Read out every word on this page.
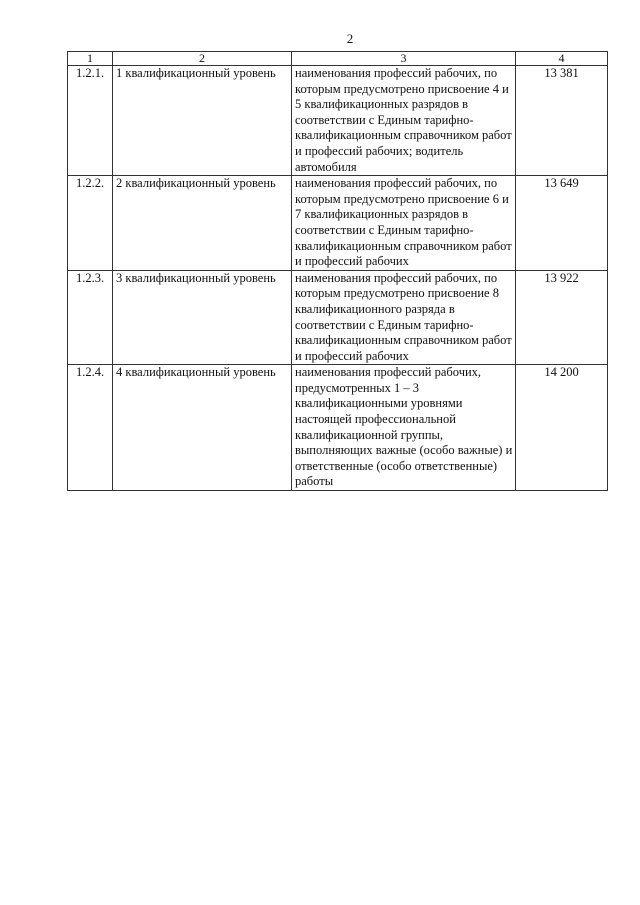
2
1	2	3	4
1.2.1.	1 квалификационный уровень	наименования профессий рабочих, по которым предусмотрено присвоение 4 и 5 квалификационных разрядов в соответствии с Единым тарифно-квалификационным справочником работ и профессий рабочих; водитель автомобиля	13 381
1.2.2.	2 квалификационный уровень	наименования профессий рабочих, по которым предусмотрено присвоение 6 и 7 квалификационных разрядов в соответствии с Единым тарифно-квалификационным справочником работ и профессий рабочих	13 649
1.2.3.	3 квалификационный уровень	наименования профессий рабочих, по которым предусмотрено присвоение 8 квалификационного разряда в соответствии с Единым тарифно-квалификационным справочником работ и профессий рабочих	13 922
1.2.4.	4 квалификационный уровень	наименования профессий рабочих, предусмотренных 1 – 3 квалификационными уровнями настоящей профессиональной квалификационной группы, выполняющих важные (особо важные) и ответственные (особо ответственные) работы	14 200
